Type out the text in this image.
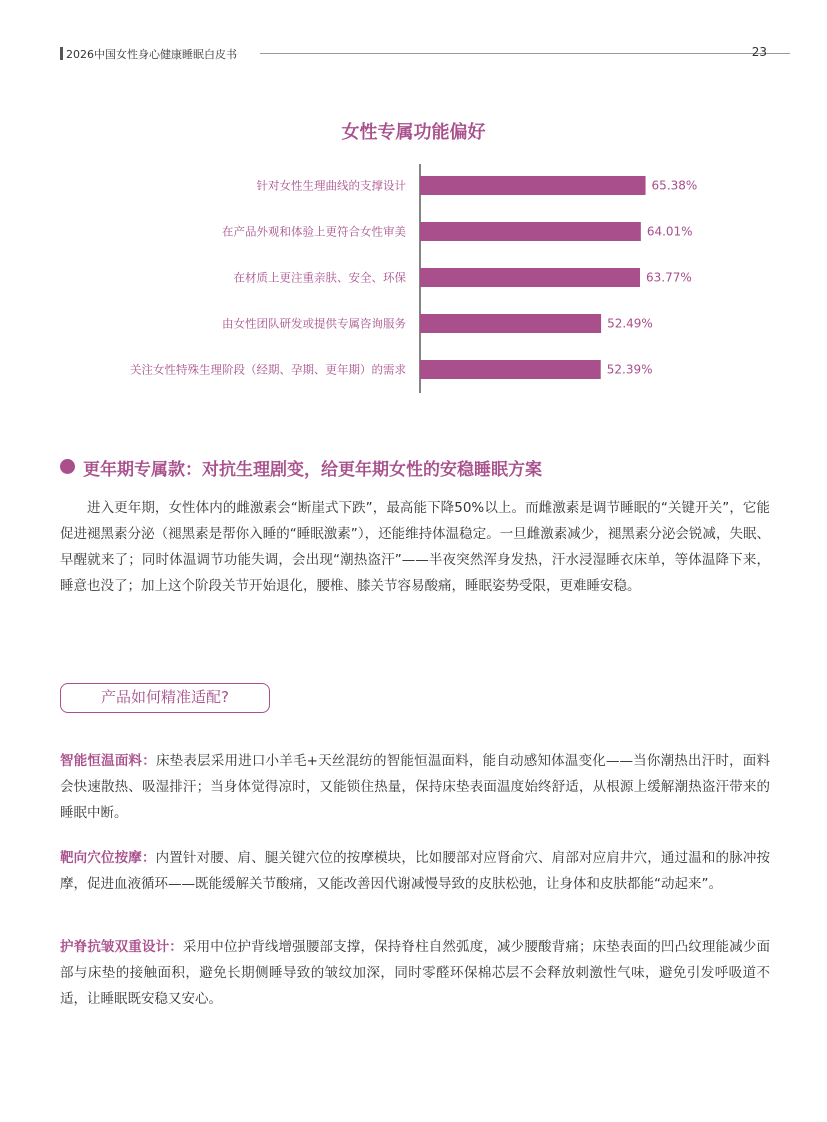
2026中国女性身心健康睡眠白皮书	23
女性专属功能偏好
针对女性生理曲线的支撑设计	65.38%
在产品外观和体验上更符合女性审美	64.01%
在材质上更注重亲肤、安全、环保	63.77%
由女性团队研发或提供专属咨询服务	52.49%
关注女性特殊生理阶段（经期、孕期、更年期）的需求	52.39%
更年期专属款：对抗生理剧变，给更年期女性的安稳睡眠方案
进入更年期，女性体内的雌激素会“断崖式下跌”，最高能下降50%以上。而雌激素是调节睡眠的“关键开关”，它能促进褪黑素分泌（褪黑素是帮你入睡的“睡眠激素”），还能维持体温稳定。一旦雌激素减少，褪黑素分泌会锐减，失眠、早醒就来了；同时体温调节功能失调，会出现“潮热盗汗”——半夜突然浑身发热，汗水浸湿睡衣床单，等体温降下来，睡意也没了；加上这个阶段关节开始退化，腰椎、膝关节容易酸痛，睡眠姿势受限，更难睡安稳。
产品如何精准适配?
智能恒温面料：床垫表层采用进口小羊毛+天丝混纺的智能恒温面料，能自动感知体温变化——当你潮热出汗时，面料会快速散热、吸湿排汗；当身体觉得凉时，又能锁住热量，保持床垫表面温度始终舒适，从根源上缓解潮热盗汗带来的睡眠中断。
靶向穴位按摩：内置针对腰、肩、腿关键穴位的按摩模块，比如腰部对应肾俞穴、肩部对应肩井穴，通过温和的脉冲按摩，促进血液循环——既能缓解关节酸痛，又能改善因代谢减慢导致的皮肤松弛，让身体和皮肤都能“动起来”。
护脊抗皱双重设计：采用中位护背线增强腰部支撑，保持脊柱自然弧度，减少腰酸背痛；床垫表面的凹凸纹理能减少面部与床垫的接触面积，避免长期侧睡导致的皱纹加深，同时零醛环保棉芯层不会释放刺激性气味，避免引发呼吸道不适，让睡眠既安稳又安心。
